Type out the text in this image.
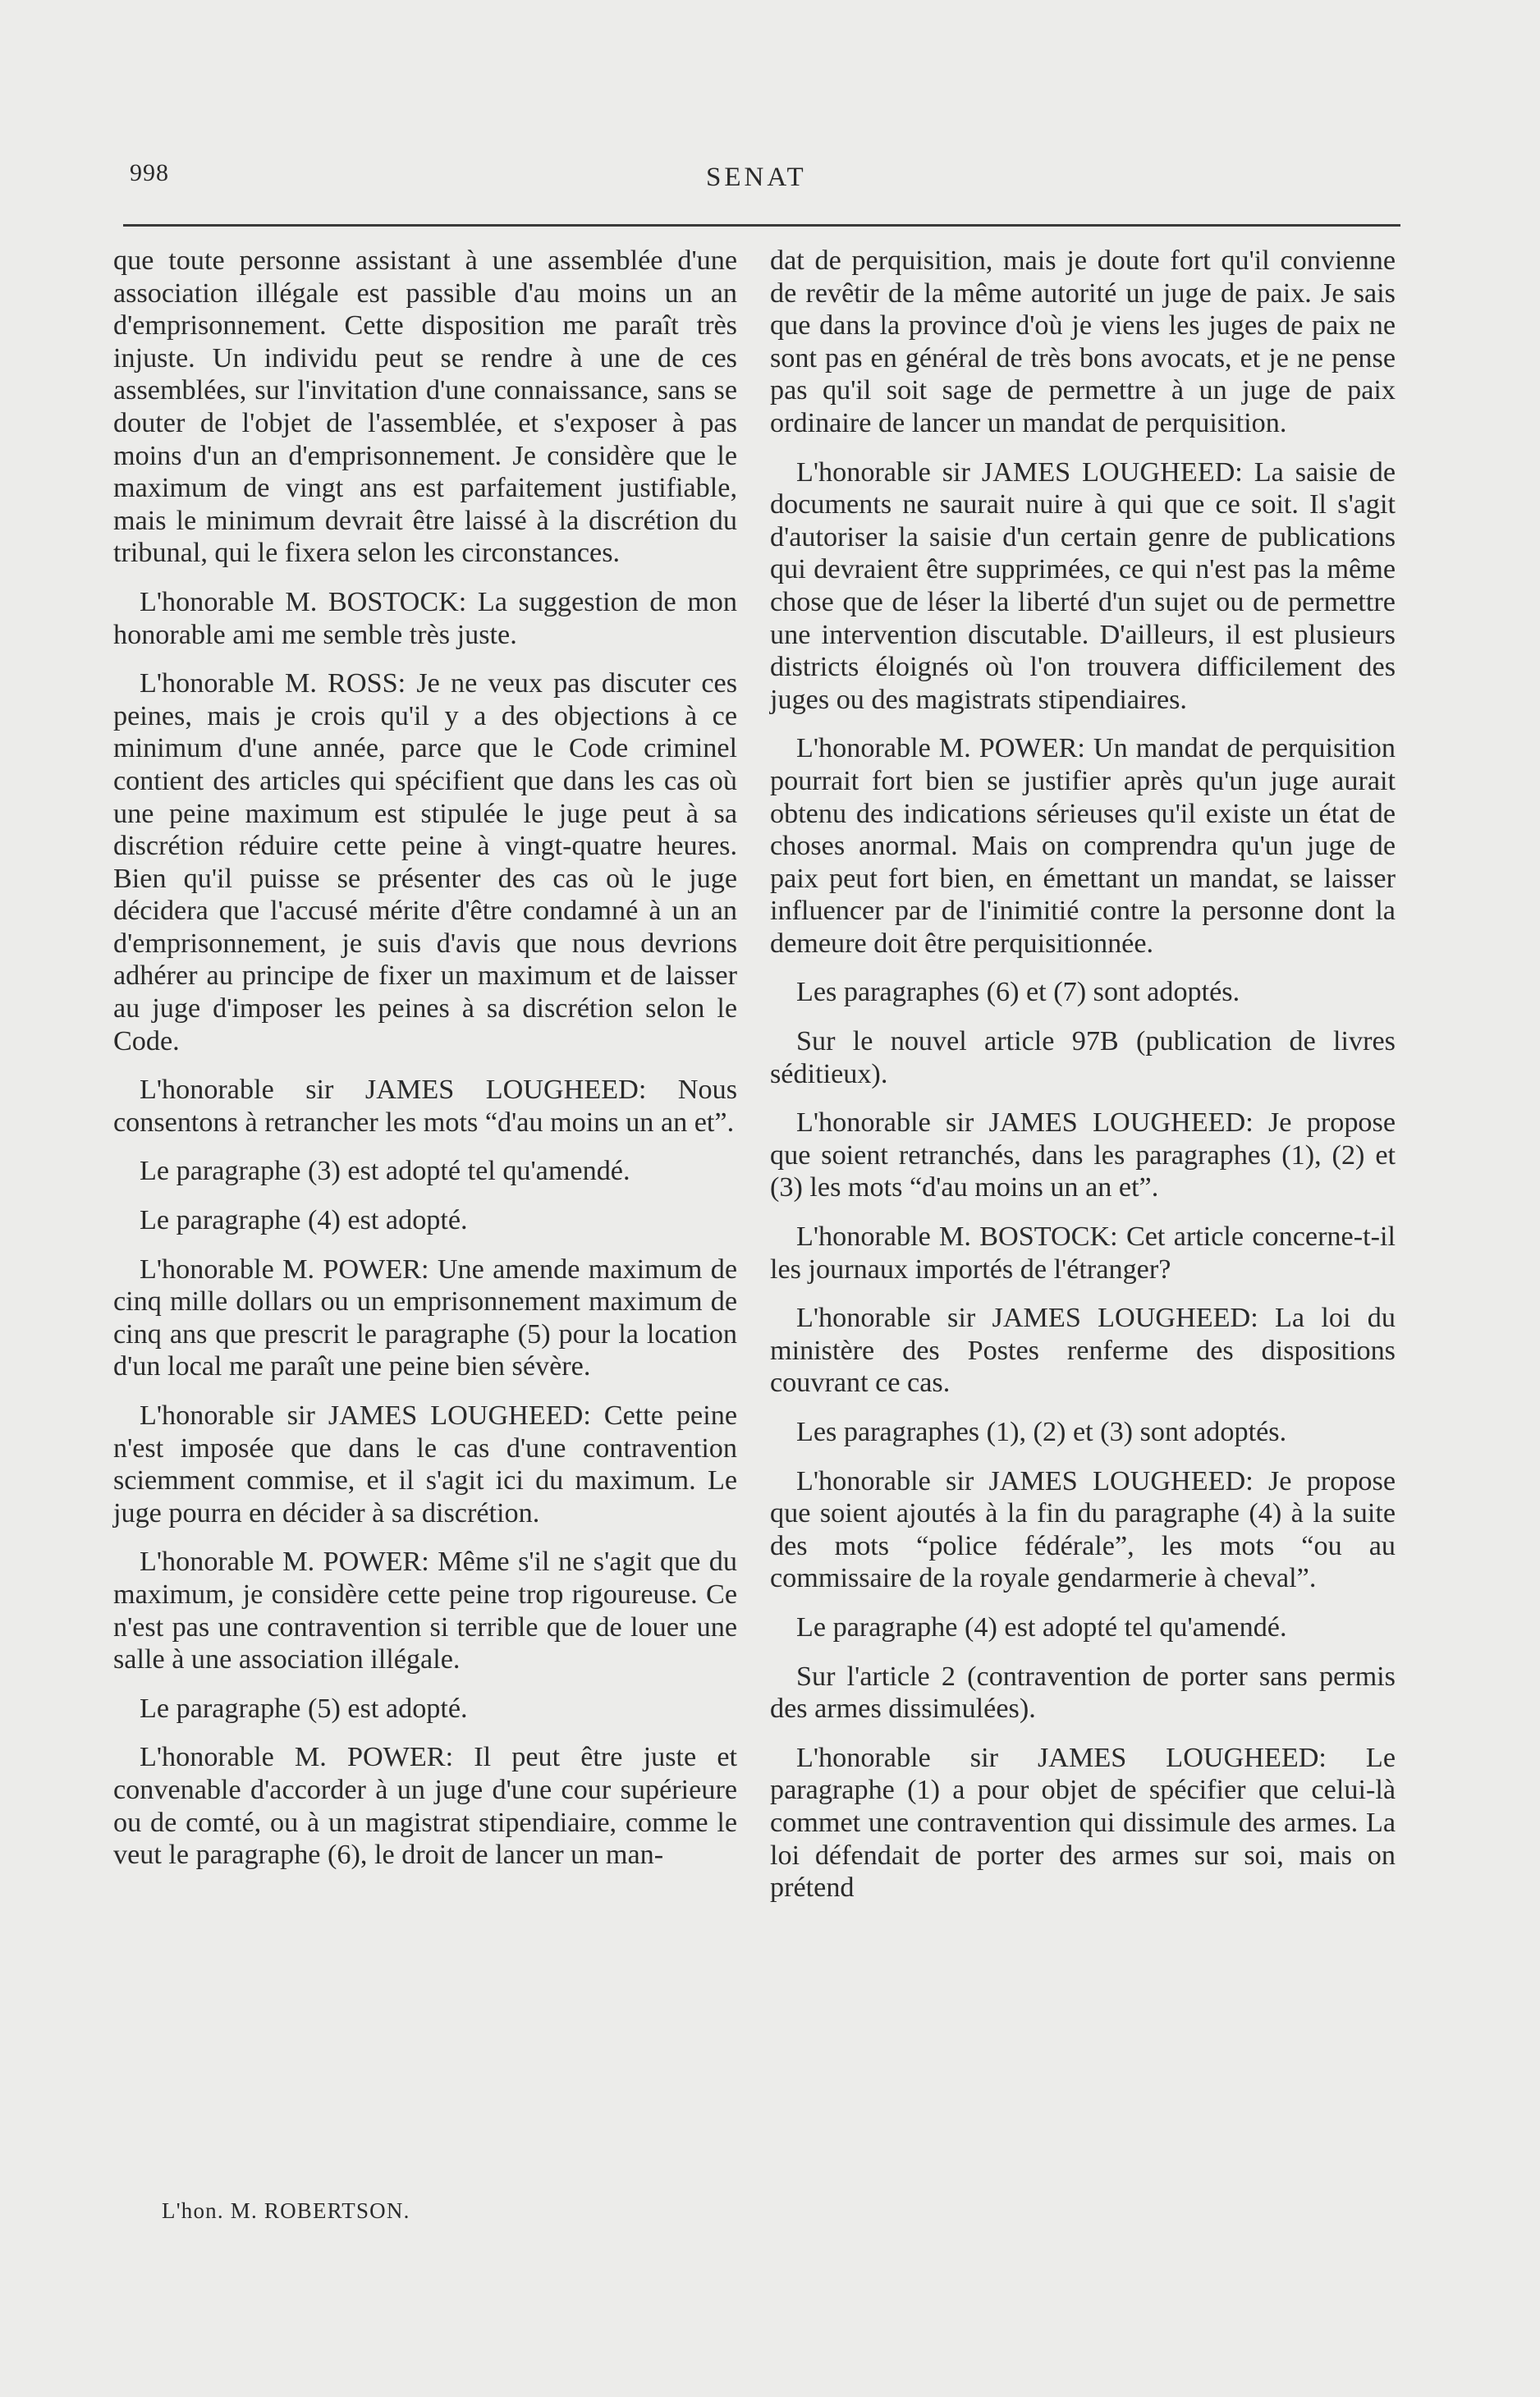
998	SENAT

que toute personne assistant à une assemblée d'une association illégale est passible d'au moins un an d'emprisonnement. Cette disposition me paraît très injuste. Un individu peut se rendre à une de ces assemblées, sur l'invitation d'une connaissance, sans se douter de l'objet de l'assemblée, et s'exposer à pas moins d'un an d'emprisonnement. Je considère que le maximum de vingt ans est parfaitement justifiable, mais le minimum devrait être laissé à la discrétion du tribunal, qui le fixera selon les circonstances.

L'honorable M. BOSTOCK: La suggestion de mon honorable ami me semble très juste.

L'honorable M. ROSS: Je ne veux pas discuter ces peines, mais je crois qu'il y a des objections à ce minimum d'une année, parce que le Code criminel contient des articles qui spécifient que dans les cas où une peine maximum est stipulée le juge peut à sa discrétion réduire cette peine à vingt-quatre heures. Bien qu'il puisse se présenter des cas où le juge décidera que l'accusé mérite d'être condamné à un an d'emprisonnement, je suis d'avis que nous devrions adhérer au principe de fixer un maximum et de laisser au juge d'imposer les peines à sa discrétion selon le Code.

L'honorable sir JAMES LOUGHEED: Nous consentons à retrancher les mots “d'au moins un an et”.

Le paragraphe (3) est adopté tel qu'amendé.

Le paragraphe (4) est adopté.

L'honorable M. POWER: Une amende maximum de cinq mille dollars ou un emprisonnement maximum de cinq ans que prescrit le paragraphe (5) pour la location d'un local me paraît une peine bien sévère.

L'honorable sir JAMES LOUGHEED: Cette peine n'est imposée que dans le cas d'une contravention sciemment commise, et il s'agit ici du maximum. Le juge pourra en décider à sa discrétion.

L'honorable M. POWER: Même s'il ne s'agit que du maximum, je considère cette peine trop rigoureuse. Ce n'est pas une contravention si terrible que de louer une salle à une association illégale.

Le paragraphe (5) est adopté.

L'honorable M. POWER: Il peut être juste et convenable d'accorder à un juge d'une cour supérieure ou de comté, ou à un magistrat stipendiaire, comme le veut le paragraphe (6), le droit de lancer un man-

dat de perquisition, mais je doute fort qu'il convienne de revêtir de la même autorité un juge de paix. Je sais que dans la province d'où je viens les juges de paix ne sont pas en général de très bons avocats, et je ne pense pas qu'il soit sage de permettre à un juge de paix ordinaire de lancer un mandat de perquisition.

L'honorable sir JAMES LOUGHEED: La saisie de documents ne saurait nuire à qui que ce soit. Il s'agit d'autoriser la saisie d'un certain genre de publications qui devraient être supprimées, ce qui n'est pas la même chose que de léser la liberté d'un sujet ou de permettre une intervention discutable. D'ailleurs, il est plusieurs districts éloignés où l'on trouvera difficilement des juges ou des magistrats stipendiaires.

L'honorable M. POWER: Un mandat de perquisition pourrait fort bien se justifier après qu'un juge aurait obtenu des indications sérieuses qu'il existe un état de choses anormal. Mais on comprendra qu'un juge de paix peut fort bien, en émettant un mandat, se laisser influencer par de l'inimitié contre la personne dont la demeure doit être perquisitionnée.

Les paragraphes (6) et (7) sont adoptés.

Sur le nouvel article 97B (publication de livres séditieux).

L'honorable sir JAMES LOUGHEED: Je propose que soient retranchés, dans les paragraphes (1), (2) et (3) les mots “d'au moins un an et”.

L'honorable M. BOSTOCK: Cet article concerne-t-il les journaux importés de l'étranger?

L'honorable sir JAMES LOUGHEED: La loi du ministère des Postes renferme des dispositions couvrant ce cas.

Les paragraphes (1), (2) et (3) sont adoptés.

L'honorable sir JAMES LOUGHEED: Je propose que soient ajoutés à la fin du paragraphe (4) à la suite des mots “police fédérale”, les mots “ou au commissaire de la royale gendarmerie à cheval”.

Le paragraphe (4) est adopté tel qu'amendé.

Sur l'article 2 (contravention de porter sans permis des armes dissimulées).

L'honorable sir JAMES LOUGHEED: Le paragraphe (1) a pour objet de spécifier que celui-là commet une contravention qui dissimule des armes. La loi défendait de porter des armes sur soi, mais on prétend

L'hon. M. ROBERTSON.
